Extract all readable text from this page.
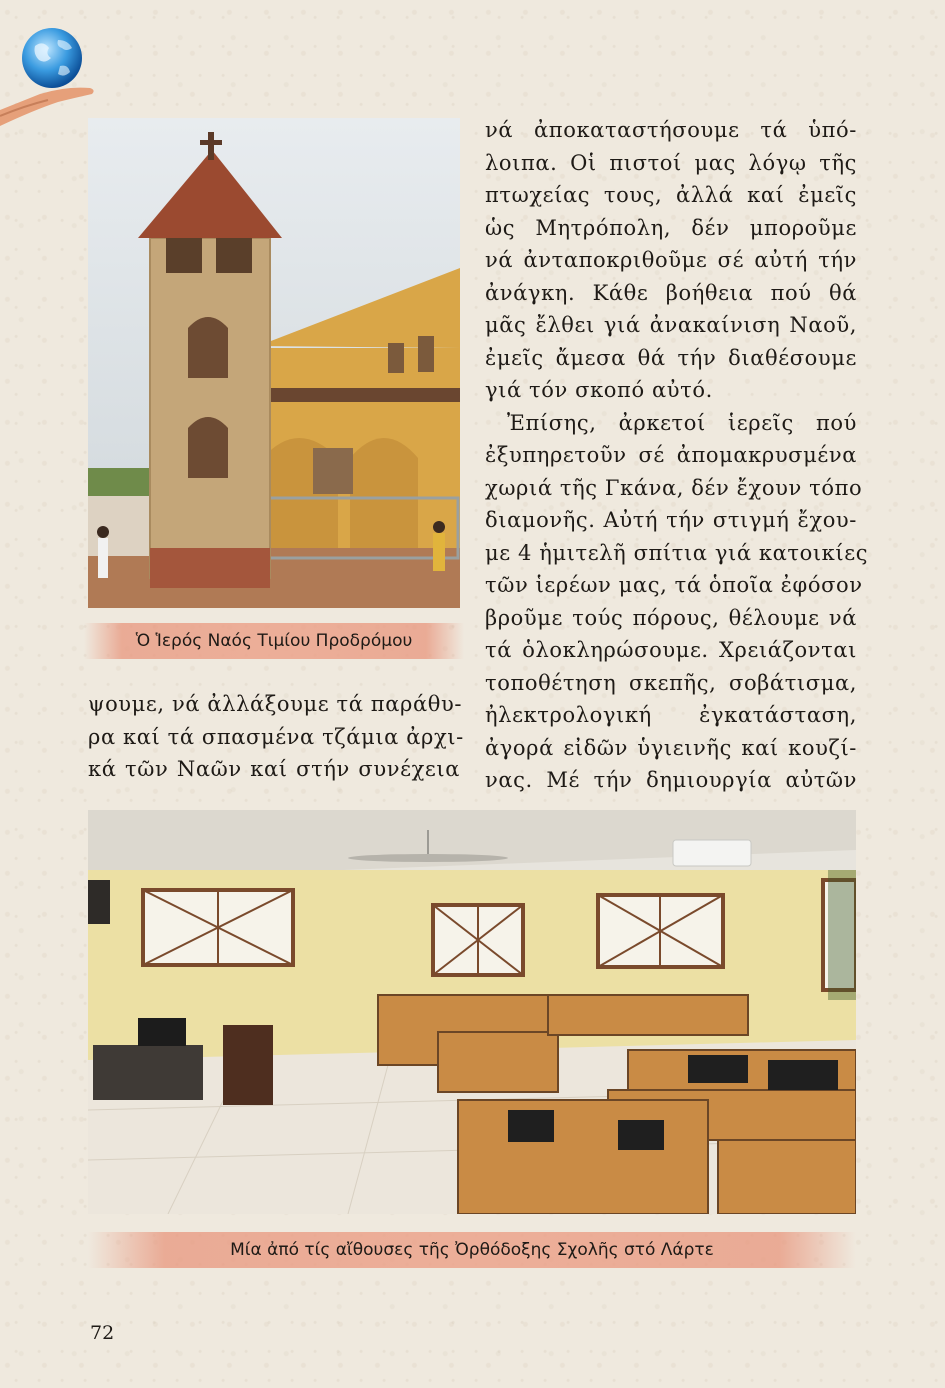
Ὁ Ἱερός Ναός Τιμίου Προδρόμου
νά ἀποκαταστήσουμε τά ὑπό-
λοιπα. Οἱ πιστοί μας λόγῳ τῆς
πτωχείας τους, ἀλλά καί ἐμεῖς
ὡς Μητρόπολη, δέν μποροῦμε
νά ἀνταποκριθοῦμε σέ αὐτή τήν
ἀνάγκη. Κάθε βοήθεια πού θά
μᾶς ἔλθει γιά ἀνακαίνιση Ναοῦ,
ἐμεῖς ἄμεσα θά τήν διαθέσουμε
γιά τόν σκοπό αὐτό.
Ἐπίσης, ἀρκετοί ἱερεῖς πού
ἐξυπηρετοῦν σέ ἀπομακρυσμένα
χωριά τῆς Γκάνα, δέν ἔχουν τόπο
διαμονῆς. Αὐτή τήν στιγμή ἔχου-
με 4 ἡμιτελῆ σπίτια γιά κατοικίες
τῶν ἱερέων μας, τά ὁποῖα ἐφόσον
βροῦμε τούς πόρους, θέλουμε νά
τά ὁλοκληρώσουμε. Χρειάζονται
τοποθέτηση σκεπῆς, σοβάτισμα,
ἠλεκτρολογική ἐγκατάσταση,
ἀγορά εἰδῶν ὑγιεινῆς καί κουζί-
νας. Μέ τήν δημιουργία αὐτῶν
ψουμε, νά ἀλλάξουμε τά παράθυ-
ρα καί τά σπασμένα τζάμια ἀρχι-
κά τῶν Ναῶν καί στήν συνέχεια
Μία ἀπό τίς αἴθουσες τῆς Ὀρθόδοξης Σχολῆς στό Λάρτε
72
